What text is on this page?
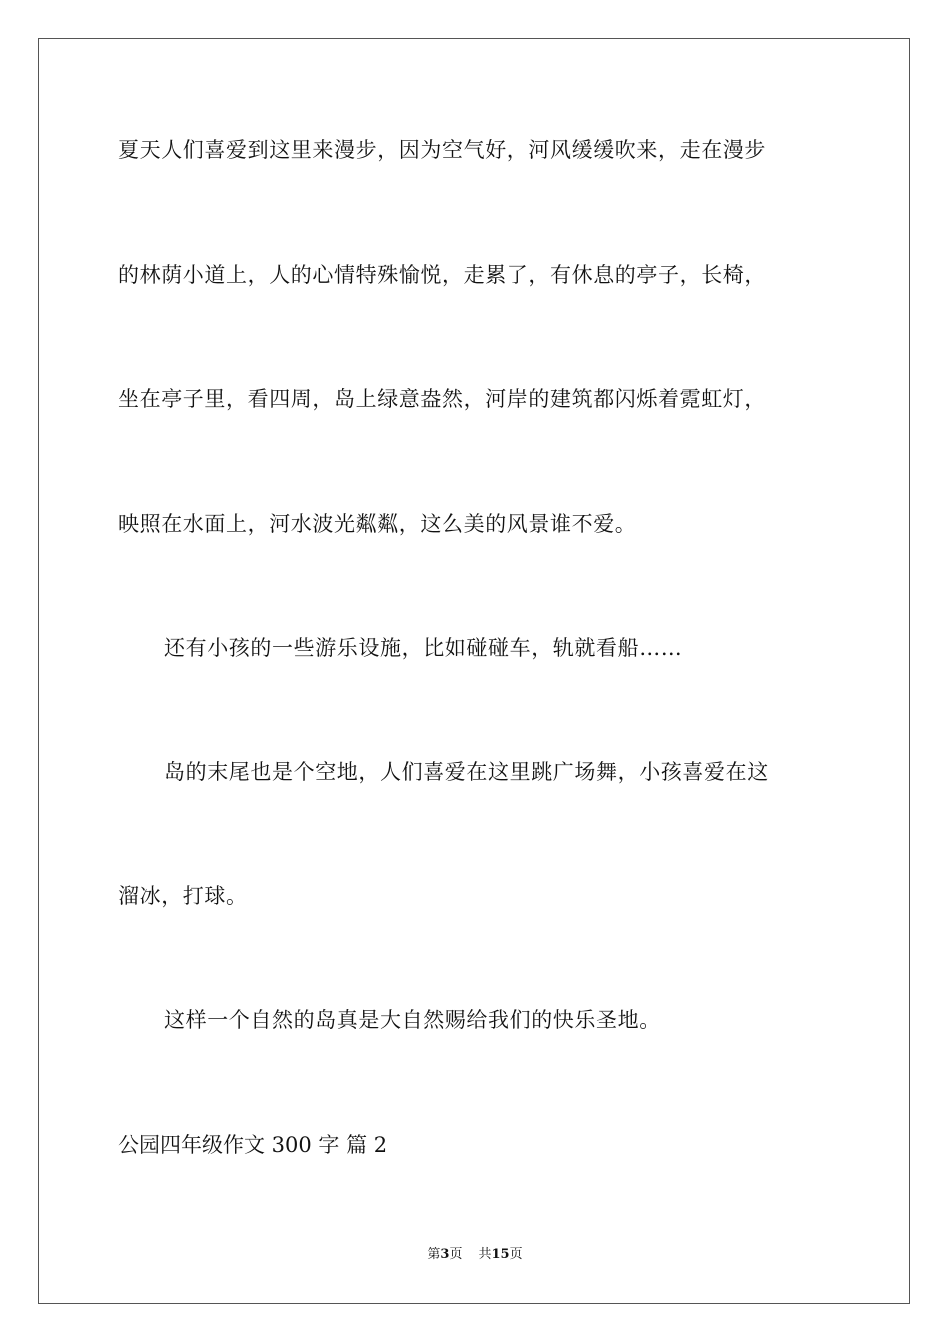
夏天人们喜爱到这里来漫步，因为空气好，河风缓缓吹来，走在漫步
的林荫小道上，人的心情特殊愉悦，走累了，有休息的亭子，长椅，
坐在亭子里，看四周，岛上绿意盎然，河岸的建筑都闪烁着霓虹灯，
映照在水面上，河水波光粼粼，这么美的风景谁不爱。
还有小孩的一些游乐设施，比如碰碰车，轨就看船……
岛的末尾也是个空地，人们喜爱在这里跳广场舞，小孩喜爱在这
溜冰，打球。
这样一个自然的岛真是大自然赐给我们的快乐圣地。
公园四年级作文 300 字 篇 2
第3页 共15页
